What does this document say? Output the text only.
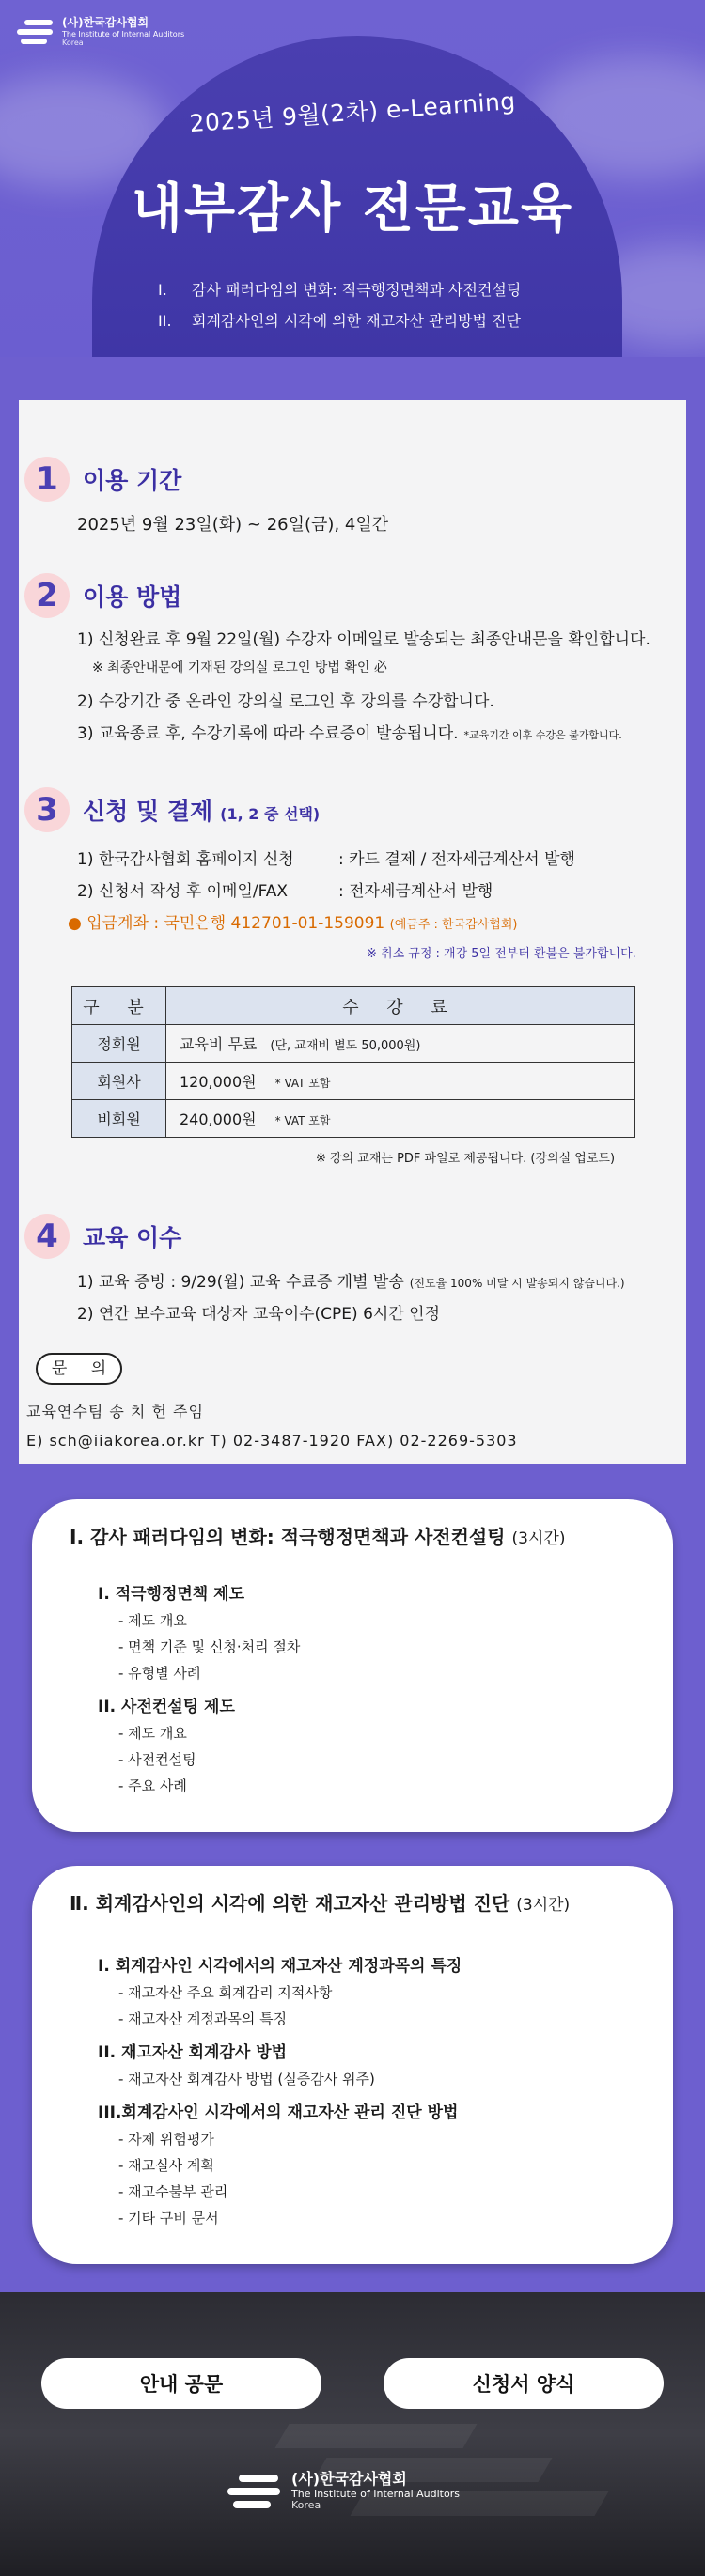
(사)한국감사협회
The Institute of Internal Auditors
Korea
2025년 9월(2차) e-Learning
내부감사 전문교육
I. 감사 패러다임의 변화: 적극행정면책과 사전컨설팅
II. 회계감사인의 시각에 의한 재고자산 관리방법 진단
1	이용 기간
2025년 9월 23일(화) ~ 26일(금), 4일간
2	이용 방법
1) 신청완료 후 9월 22일(월) 수강자 이메일로 발송되는 최종안내문을 확인합니다.
※ 최종안내문에 기재된 강의실 로그인 방법 확인 必
2) 수강기간 중 온라인 강의실 로그인 후 강의를 수강합니다.
3) 교육종료 후, 수강기록에 따라 수료증이 발송됩니다. *교육기간 이후 수강은 불가합니다.
3	신청 및 결제 (1, 2 중 선택)
1) 한국감사협회 홈페이지 신청	: 카드 결제 / 전자세금계산서 발행
2) 신청서 작성 후 이메일/FAX	: 전자세금계산서 발행
● 입금계좌 : 국민은행 412701-01-159091 (예금주 : 한국감사협회)
※ 취소 규정 : 개강 5일 전부터 환불은 불가합니다.
구 분	수 강 료
정회원	교육비 무료 (단, 교재비 별도 50,000원)
회원사	120,000원 * VAT 포함
비회원	240,000원 * VAT 포함
※ 강의 교재는 PDF 파일로 제공됩니다. (강의실 업로드)
4	교육 이수
1) 교육 증빙 : 9/29(월) 교육 수료증 개별 발송 (진도율 100% 미달 시 발송되지 않습니다.)
2) 연간 보수교육 대상자 교육이수(CPE) 6시간 인정
문 의
교육연수팀 송 치 헌 주임
E) sch@iiakorea.or.kr T) 02-3487-1920 FAX) 02-2269-5303
Ⅰ. 감사 패러다임의 변화: 적극행정면책과 사전컨설팅 (3시간)
I. 적극행정면책 제도
- 제도 개요
- 면책 기준 및 신청·처리 절차
- 유형별 사례
II. 사전컨설팅 제도
- 제도 개요
- 사전컨설팅
- 주요 사례
Ⅱ. 회계감사인의 시각에 의한 재고자산 관리방법 진단 (3시간)
I. 회계감사인 시각에서의 재고자산 계정과목의 특징
- 재고자산 주요 회계감리 지적사항
- 재고자산 계정과목의 특징
II. 재고자산 회계감사 방법
- 재고자산 회계감사 방법 (실증감사 위주)
III.회계감사인 시각에서의 재고자산 관리 진단 방법
- 자체 위험평가
- 재고실사 계획
- 재고수불부 관리
- 기타 구비 문서
안내 공문	신청서 양식
(사)한국감사협회
The Institute of Internal Auditors
Korea
